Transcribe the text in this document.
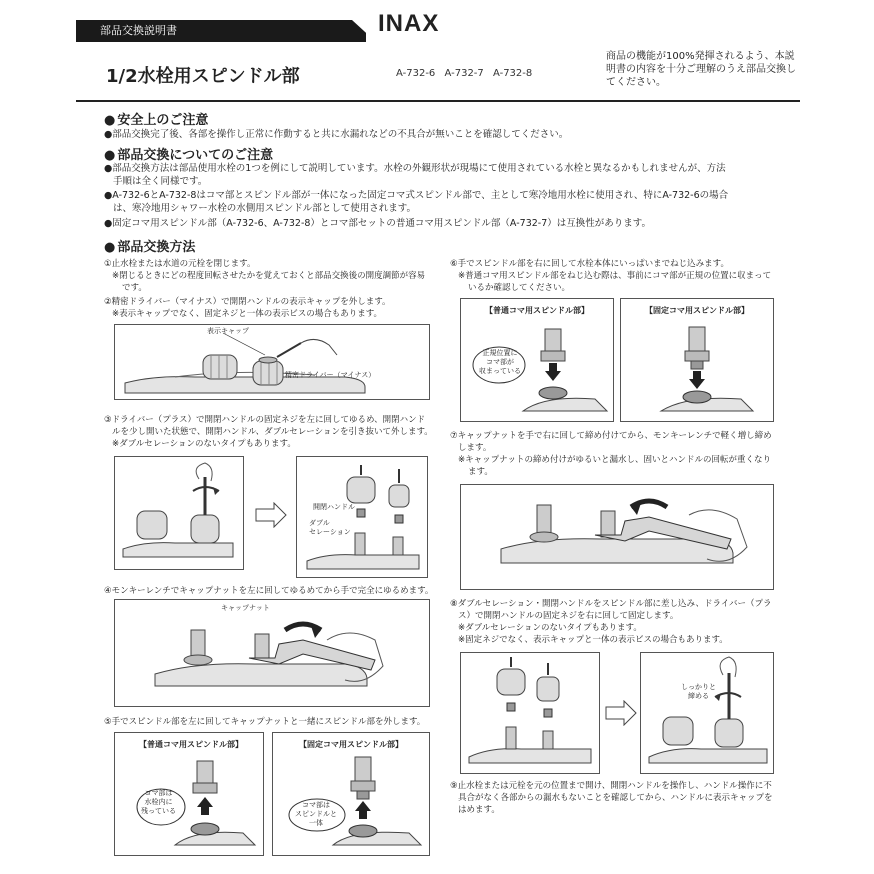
部品交換説明書	INAX
1/2水栓用スピンドル部	A-732-6 A-732-7 A-732-8
商品の機能が100%発揮されるよう、本説明書の内容を十分ご理解のうえ部品交換してください。
● 安全上のご注意
●部品交換完了後、各部を操作し正常に作動すると共に水漏れなどの不具合が無いことを確認してください。
● 部品交換についてのご注意
●部品交換方法は部品使用水栓の1つを例にして説明しています。水栓の外観形状が現場にて使用されている水栓と異なるかもしれませんが、方法
手順は全く同様です。
●A-732-6とA-732-8はコマ部とスピンドル部が一体になった固定コマ式スピンドル部で、主として寒冷地用水栓に使用され、特にA-732-6の場合
は、寒冷地用シャワー水栓の水側用スピンドル部として使用されます。
●固定コマ用スピンドル部（A-732-6、A-732-8）とコマ部セットの普通コマ用スピンドル部（A-732-7）は互換性があります。
● 部品交換方法
①止水栓または水道の元栓を閉じます。
※閉じるときにどの程度回転させたかを覚えておくと部品交換後の開度調節が容易
です。
②精密ドライバー（マイナス）で開閉ハンドルの表示キャップを外します。
※表示キャップでなく、固定ネジと一体の表示ビスの場合もあります。
表示キャップ
精密ドライバー（マイナス）
③ドライバー（プラス）で開閉ハンドルの固定ネジを左に回してゆるめ、開閉ハンド
ルを少し開いた状態で、開閉ハンドル、ダブルセレーションを引き抜いて外します。
※ダブルセレーションのないタイプもあります。
開閉ハンドル
ダブル
セレーション
④モンキーレンチでキャップナットを左に回してゆるめてから手で完全にゆるめます。
キャップナット
⑤手でスピンドル部を左に回してキャップナットと一緒にスピンドル部を外します。
【普通コマ用スピンドル部】
コマ部は
水栓内に
残っている
【固定コマ用スピンドル部】
コマ部は
スピンドルと
一体
⑥手でスピンドル部を右に回して水栓本体にいっぱいまでねじ込みます。
※普通コマ用スピンドル部をねじ込む際は、事前にコマ部が正規の位置に収まって
いるか確認してください。
【普通コマ用スピンドル部】
正規位置に
コマ部が
収まっている
【固定コマ用スピンドル部】
⑦キャップナットを手で右に回して締め付けてから、モンキーレンチで軽く増し締め
します。
※キャップナットの締め付けがゆるいと漏水し、固いとハンドルの回転が重くなり
ます。
⑧ダブルセレーション・開閉ハンドルをスピンドル部に差し込み、ドライバー（プラ
ス）で開閉ハンドルの固定ネジを右に回して固定します。
※ダブルセレーションのないタイプもあります。
※固定ネジでなく、表示キャップと一体の表示ビスの場合もあります。
しっかりと
締める
⑨止水栓または元栓を元の位置まで開け、開閉ハンドルを操作し、ハンドル操作に不
具合がなく各部からの漏水もないことを確認してから、ハンドルに表示キャップを
はめます。
